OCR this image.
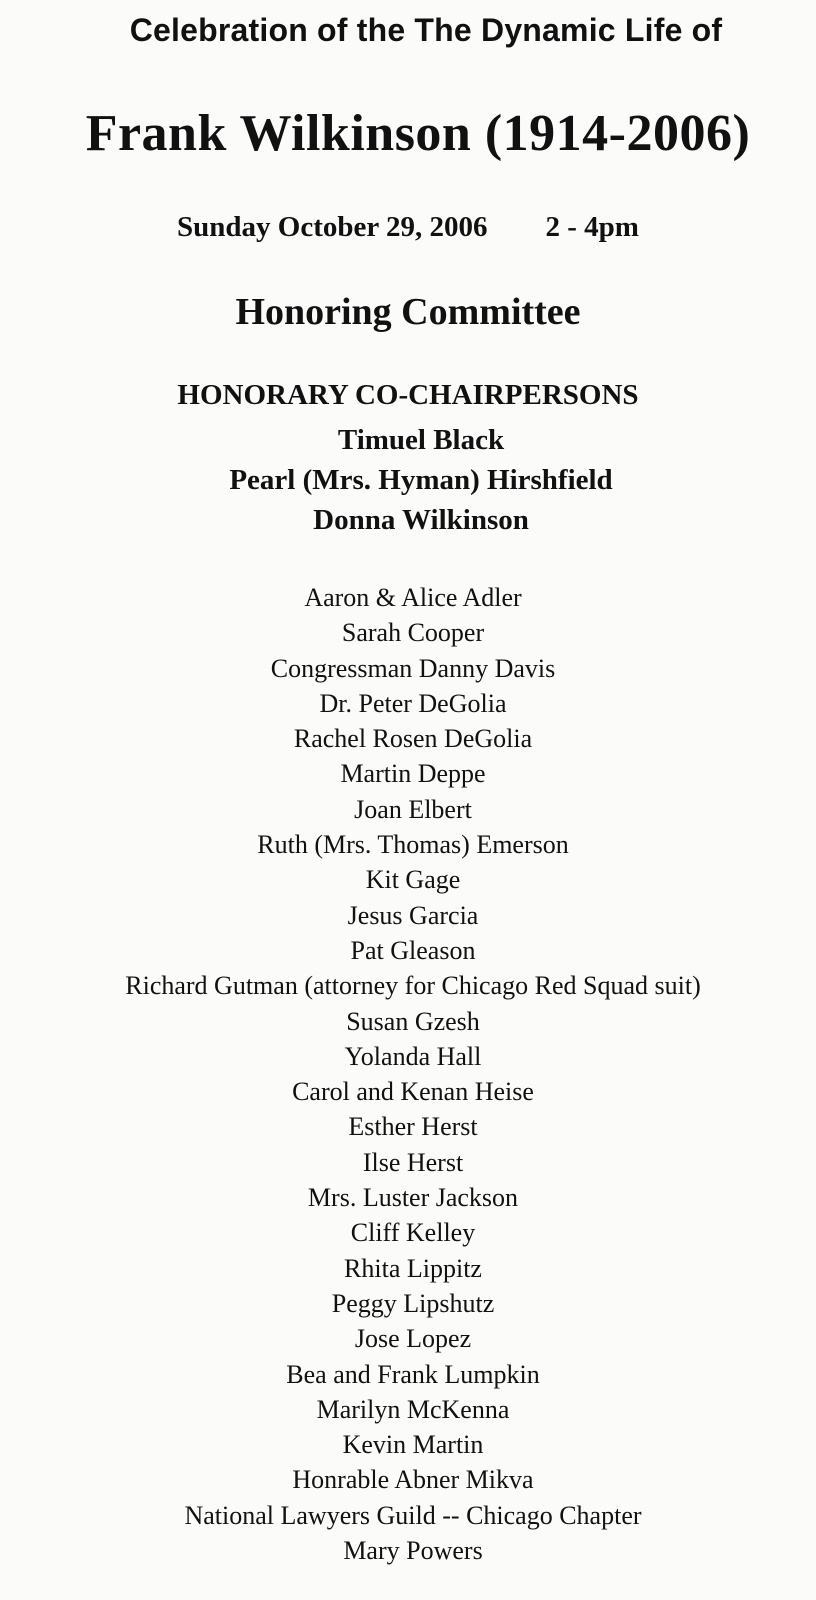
Celebration of the The Dynamic Life of
Frank Wilkinson (1914-2006)
Sunday October 29, 2006 2 - 4pm
Honoring Committee
HONORARY CO-CHAIRPERSONS
Timuel Black
Pearl (Mrs. Hyman) Hirshfield
Donna Wilkinson
Aaron & Alice Adler
Sarah Cooper
Congressman Danny Davis
Dr. Peter DeGolia
Rachel Rosen DeGolia
Martin Deppe
Joan Elbert
Ruth (Mrs. Thomas) Emerson
Kit Gage
Jesus Garcia
Pat Gleason
Richard Gutman (attorney for Chicago Red Squad suit)
Susan Gzesh
Yolanda Hall
Carol and Kenan Heise
Esther Herst
Ilse Herst
Mrs. Luster Jackson
Cliff Kelley
Rhita Lippitz
Peggy Lipshutz
Jose Lopez
Bea and Frank Lumpkin
Marilyn McKenna
Kevin Martin
Honrable Abner Mikva
National Lawyers Guild -- Chicago Chapter
Mary Powers
